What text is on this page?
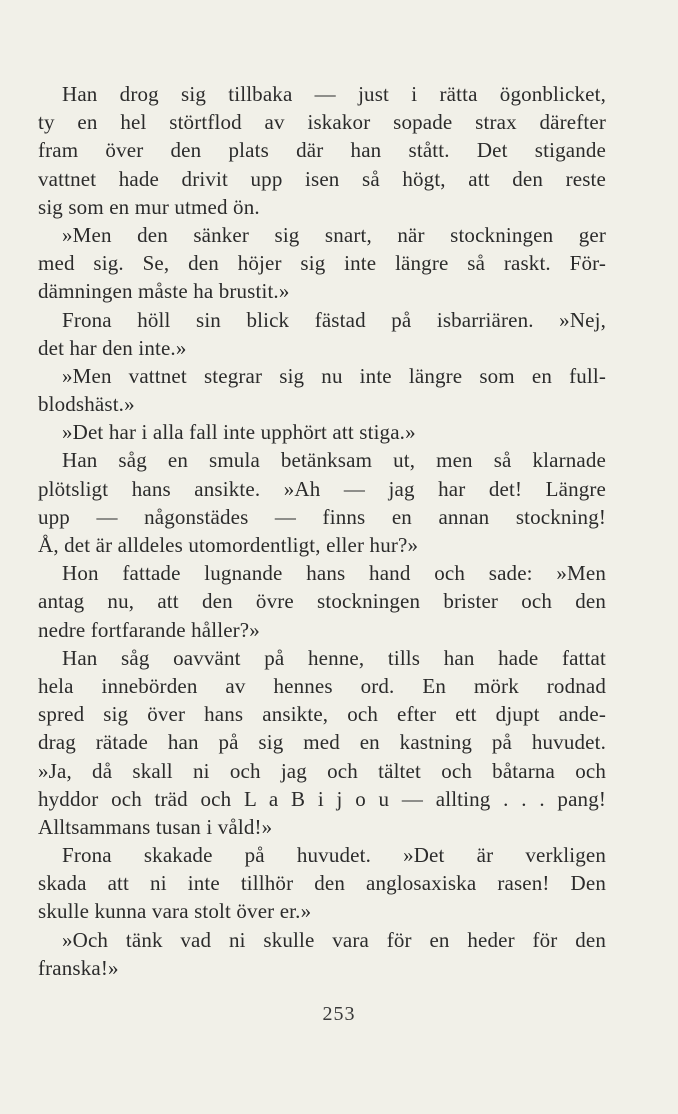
Han drog sig tillbaka — just i rätta ögonblicket,
ty en hel störtflod av iskakor sopade strax därefter
fram över den plats där han stått. Det stigande
vattnet hade drivit upp isen så högt, att den reste
sig som en mur utmed ön.
»Men den sänker sig snart, när stockningen ger
med sig. Se, den höjer sig inte längre så raskt. För-
dämningen måste ha brustit.»
Frona höll sin blick fästad på isbarriären. »Nej,
det har den inte.»
»Men vattnet stegrar sig nu inte längre som en full-
blodshäst.»
»Det har i alla fall inte upphört att stiga.»
Han såg en smula betänksam ut, men så klarnade
plötsligt hans ansikte. »Ah — jag har det! Längre
upp — någonstädes — finns en annan stockning!
Å, det är alldeles utomordentligt, eller hur?»
Hon fattade lugnande hans hand och sade: »Men
antag nu, att den övre stockningen brister och den
nedre fortfarande håller?»
Han såg oavvänt på henne, tills han hade fattat
hela innebörden av hennes ord. En mörk rodnad
spred sig över hans ansikte, och efter ett djupt ande-
drag rätade han på sig med en kastning på huvudet.
»Ja, då skall ni och jag och tältet och båtarna och
hyddor och träd och L a B i j o u — allting . . . pang!
Alltsammans tusan i våld!»
Frona skakade på huvudet. »Det är verkligen
skada att ni inte tillhör den anglosaxiska rasen! Den
skulle kunna vara stolt över er.»
»Och tänk vad ni skulle vara för en heder för den
franska!»
253
